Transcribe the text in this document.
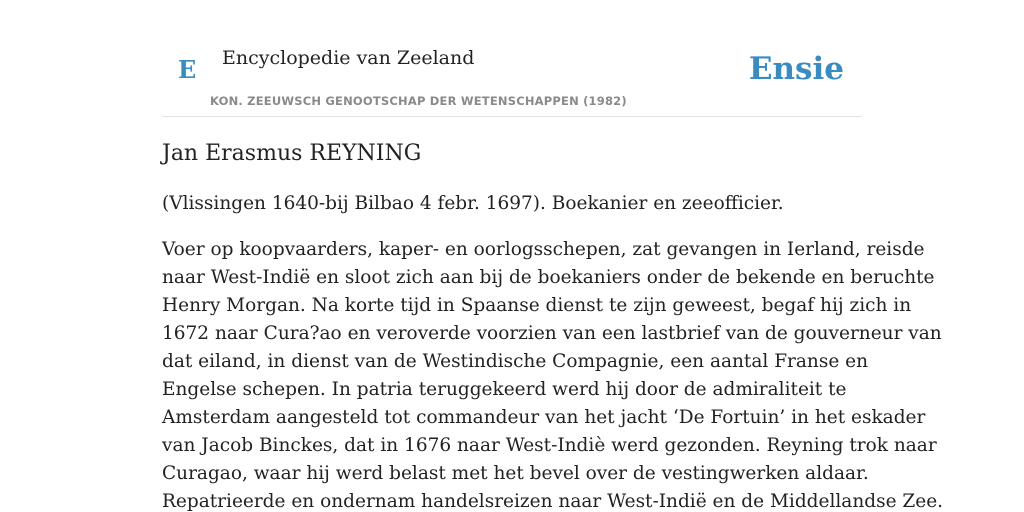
E Encyclopedie van Zeeland
KON. ZEEUWSCH GENOOTSCHAP DER WETENSCHAPPEN (1982)
Ensie
Jan Erasmus REYNING

(Vlissingen 1640-bij Bilbao 4 febr. 1697). Boekanier en zeeofficier.

Voer op koopvaarders, kaper- en oorlogsschepen, zat gevangen in Ierland, reisde
naar West-Indië en sloot zich aan bij de boekaniers onder de bekende en beruchte
Henry Morgan. Na korte tijd in Spaanse dienst te zijn geweest, begaf hij zich in
1672 naar Cura?ao en veroverde voorzien van een lastbrief van de gouverneur van
dat eiland, in dienst van de Westindische Compagnie, een aantal Franse en
Engelse schepen. In patria teruggekeerd werd hij door de admiraliteit te
Amsterdam aangesteld tot commandeur van het jacht ‘De Fortuin’ in het eskader
van Jacob Binckes, dat in 1676 naar West-Indiè werd gezonden. Reyning trok naar
Curagao, waar hij werd belast met het bevel over de vestingwerken aldaar.
Repatrieerde en ondernam handelsreizen naar West-Indië en de Middellandse Zee.
